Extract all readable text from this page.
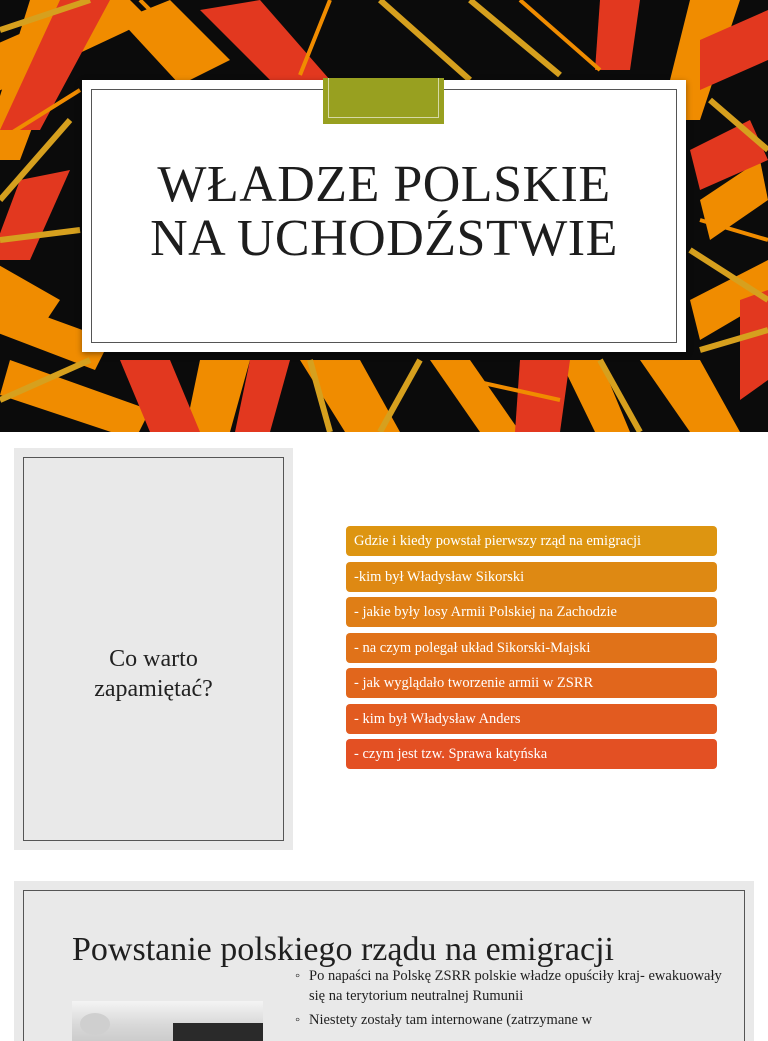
WŁADZE POLSKIE
NA UCHODŹSTWIE
Co warto
zapamiętać?
Gdzie i kiedy powstał pierwszy rząd na emigracji
-kim był Władysław Sikorski
- jakie były losy Armii Polskiej na Zachodzie
- na czym polegał układ Sikorski-Majski
- jak wyglądało tworzenie armii w ZSRR
- kim był Władysław Anders
- czym jest tzw. Sprawa katyńska
Powstanie polskiego rządu na emigracji
◦ Po napaści na Polskę ZSRR polskie władze opuściły kraj- ewakuowały się na terytorium neutralnej Rumunii
◦ Niestety zostały tam internowane (zatrzymane w
